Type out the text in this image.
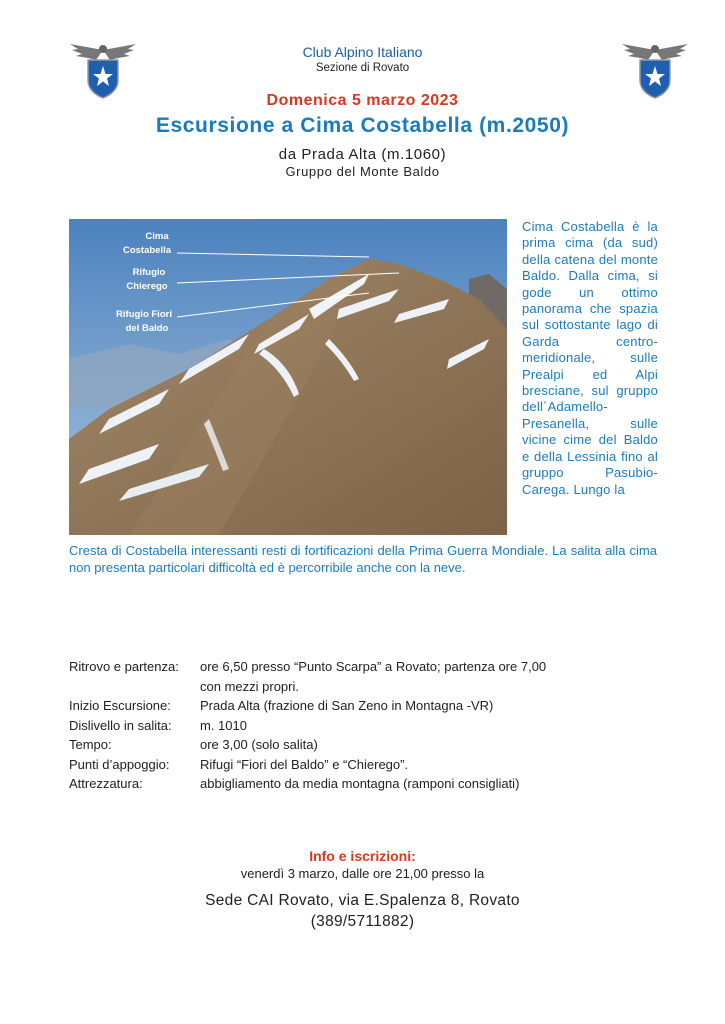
Club Alpino Italiano
Sezione di Rovato
Domenica 5 marzo 2023
Escursione a Cima Costabella (m.2050)
da Prada Alta (m.1060)
Gruppo del Monte Baldo
Cima
Costabella
Rifugio
Chierego
Rifugio Fiori
del Baldo
Cima Costabella è la prima cima (da sud) della catena del monte Baldo. Dalla cima, si gode un ottimo panorama che spazia sul sottostante lago di Garda centro-meridionale, sulle Prealpi ed Alpi bresciane, sul gruppo dell´Adamello-Presanella, sulle vicine cime del Baldo e della Lessinia fino al gruppo Pasubio-Carega. Lungo la
Cresta di Costabella interessanti resti di fortificazioni della Prima Guerra Mondiale. La salita alla cima non presenta particolari difficoltà ed è percorribile anche con la neve.
Ritrovo e partenza:	ore 6,50 presso “Punto Scarpa” a Rovato; partenza ore 7,00 con mezzi propri.
Inizio Escursione:	Prada Alta (frazione di San Zeno in Montagna -VR)
Dislivello in salita:	m. 1010
Tempo:	ore 3,00 (solo salita)
Punti d’appoggio:	Rifugi “Fiori del Baldo” e “Chierego”.
Attrezzatura:	abbigliamento da media montagna (ramponi consigliati)
Info e iscrizioni:
venerdì 3 marzo, dalle ore 21,00 presso la
Sede CAI Rovato, via E.Spalenza 8, Rovato
(389/5711882)
